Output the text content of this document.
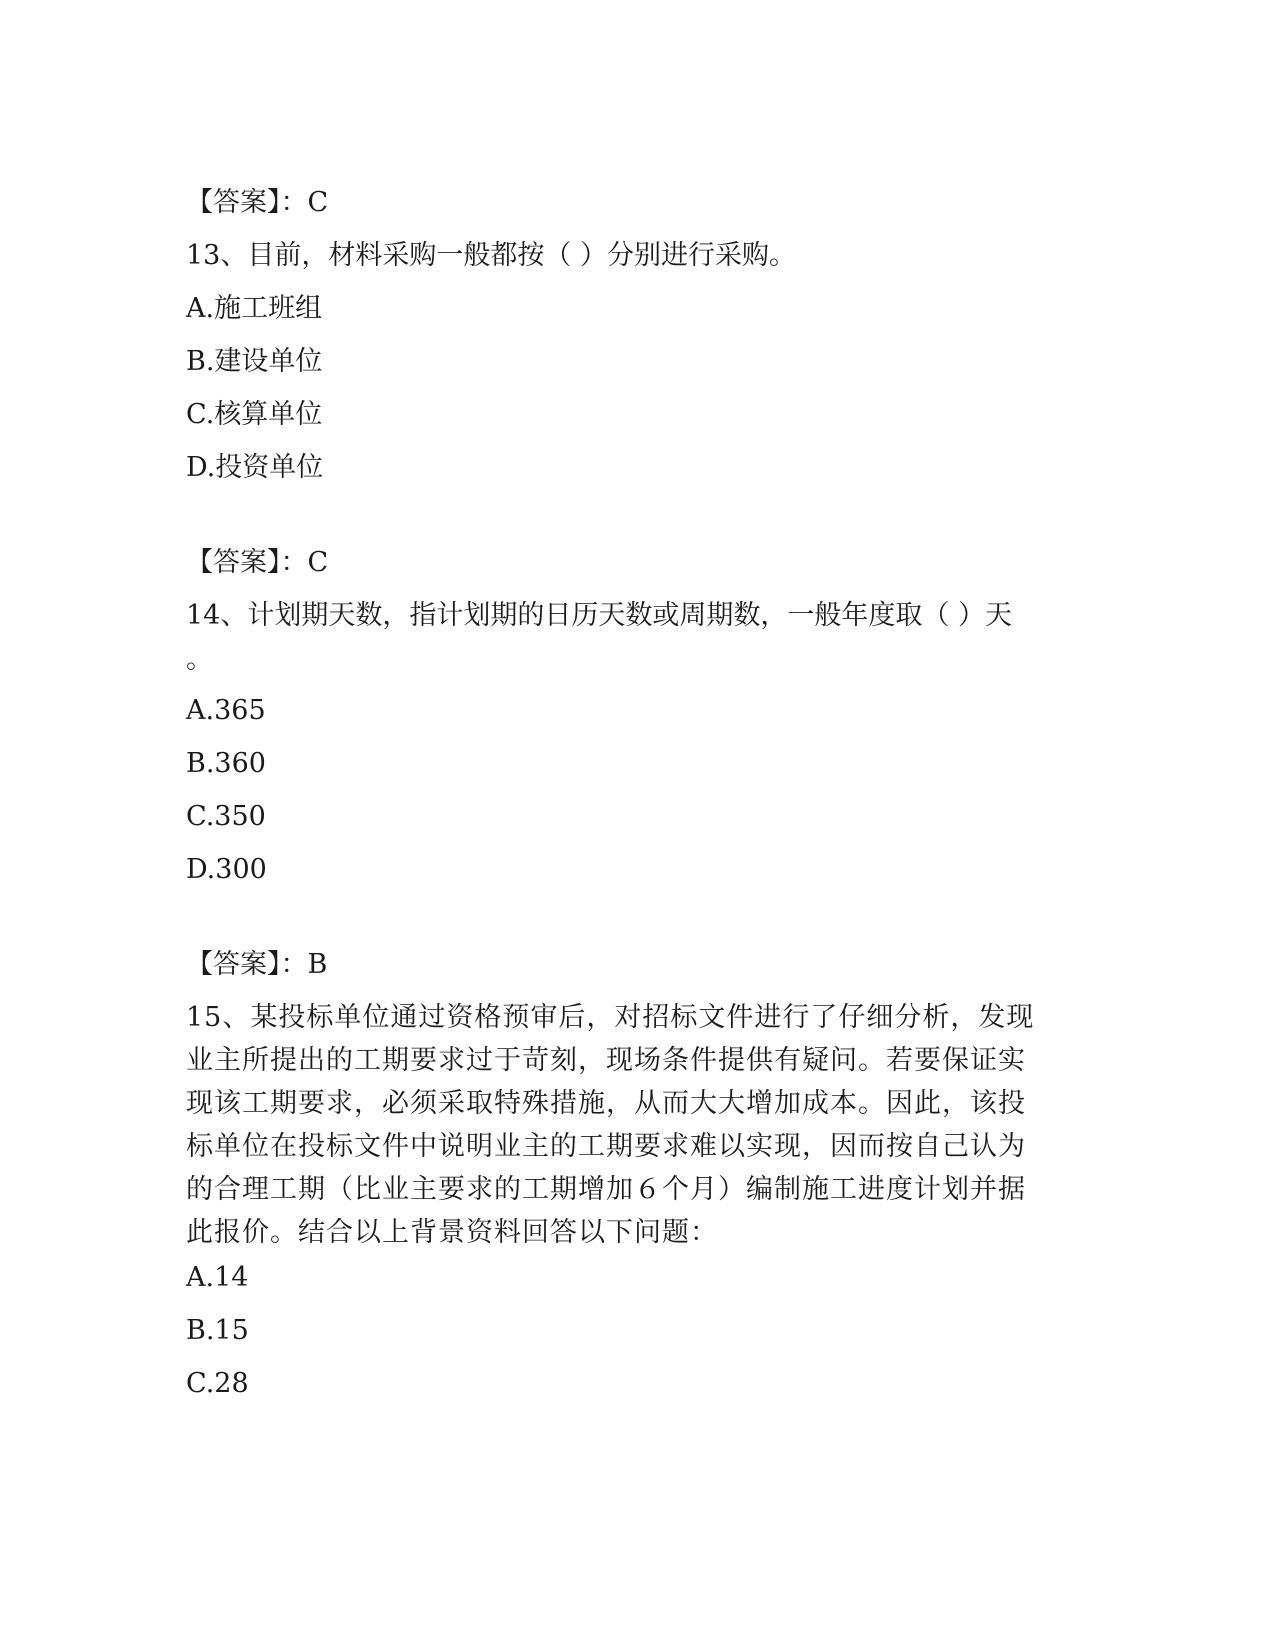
【答案】：C
13、目前，材料采购一般都按（ ）分别进行采购。
A.施工班组
B.建设单位
C.核算单位
D.投资单位
【答案】：C
14、计划期天数，指计划期的日历天数或周期数，一般年度取（ ）天
。
A.365
B.360
C.350
D.300
【答案】：B
15、某投标单位通过资格预审后，对招标文件进行了仔细分析，发现
业主所提出的工期要求过于苛刻，现场条件提供有疑问。若要保证实
现该工期要求，必须采取特殊措施，从而大大增加成本。因此，该投
标单位在投标文件中说明业主的工期要求难以实现，因而按自己认为
的合理工期（比业主要求的工期增加６个月）编制施工进度计划并据
此报价。结合以上背景资料回答以下问题：
A.14
B.15
C.28
